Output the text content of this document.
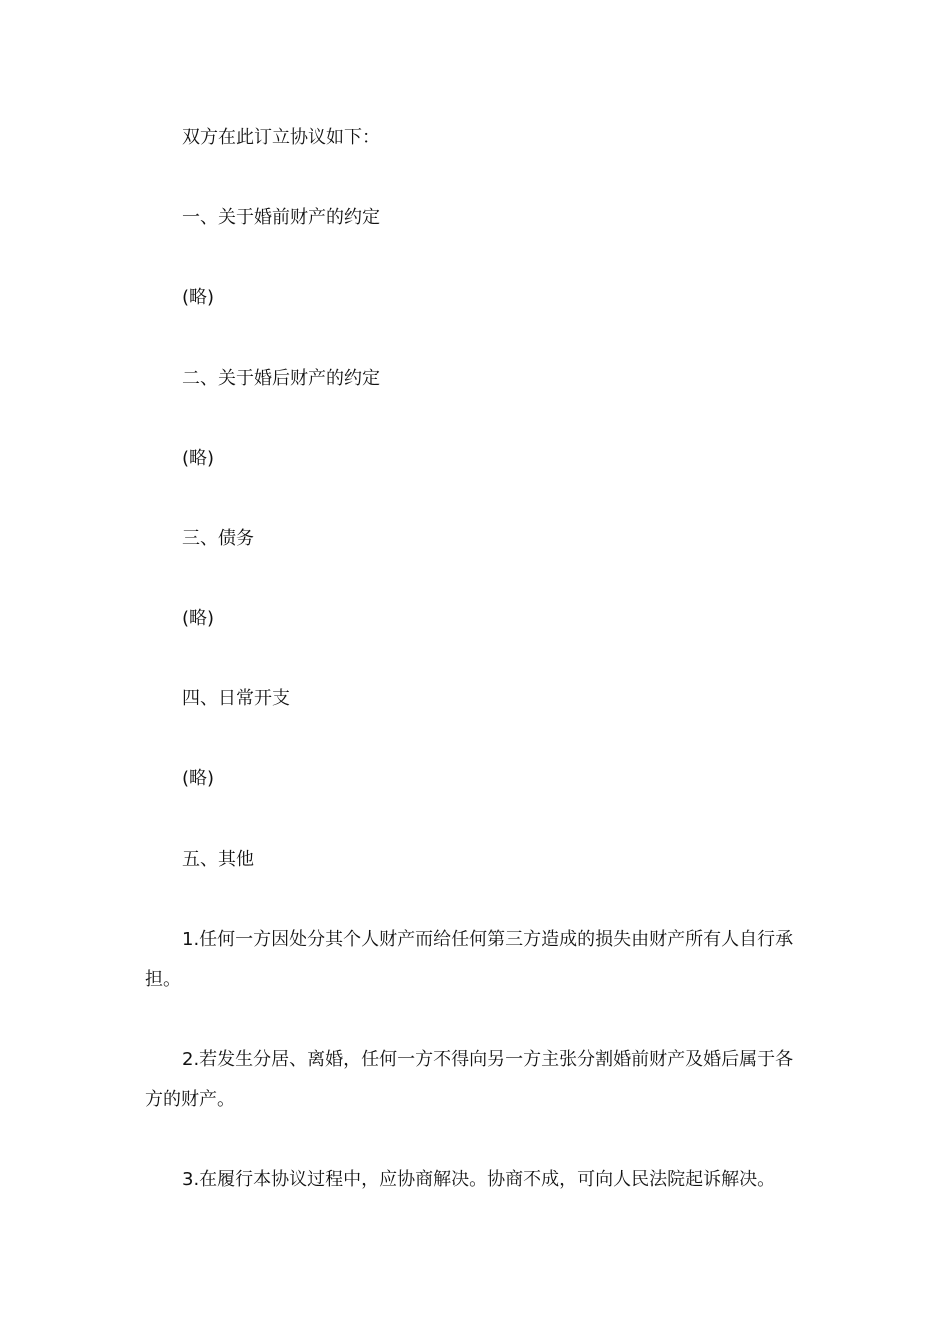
双方在此订立协议如下：

一、关于婚前财产的约定

(略)

二、关于婚后财产的约定

(略)

三、债务

(略)

四、日常开支

(略)

五、其他

1.任何一方因处分其个人财产而给任何第三方造成的损失由财产所有人自行承担。

2.若发生分居、离婚，任何一方不得向另一方主张分割婚前财产及婚后属于各方的财产。

3.在履行本协议过程中，应协商解决。协商不成，可向人民法院起诉解决。
